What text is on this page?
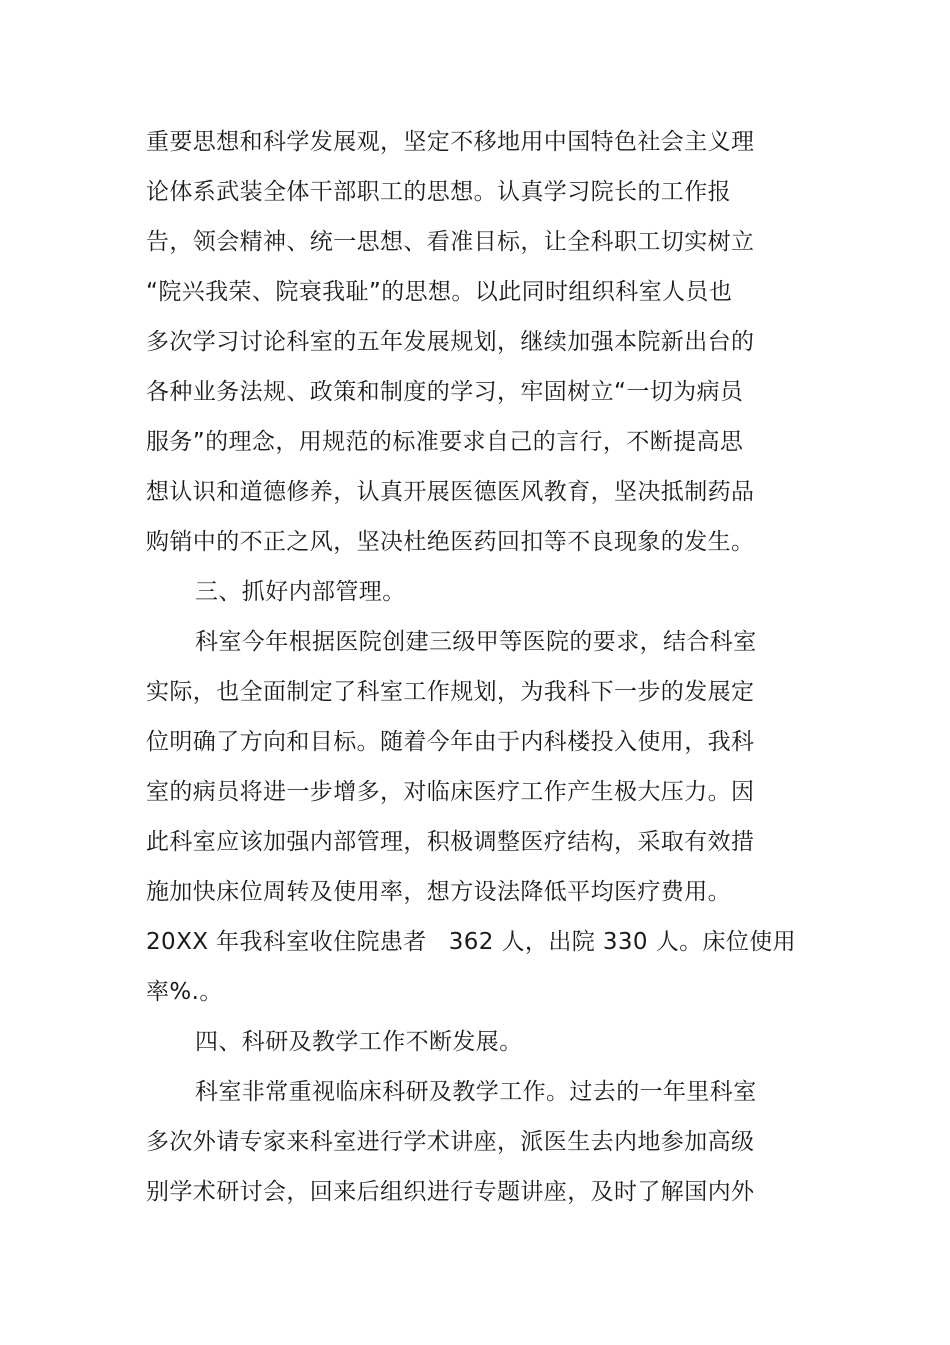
重要思想和科学发展观，坚定不移地用中国特色社会主义理
论体系武装全体干部职工的思想。认真学习院长的工作报
告，领会精神、统一思想、看准目标，让全科职工切实树立
“院兴我荣、院衰我耻”的思想。以此同时组织科室人员也
多次学习讨论科室的五年发展规划，继续加强本院新出台的
各种业务法规、政策和制度的学习，牢固树立“一切为病员
服务”的理念，用规范的标准要求自己的言行，不断提高思
想认识和道德修养，认真开展医德医风教育，坚决抵制药品
购销中的不正之风，坚决杜绝医药回扣等不良现象的发生。
三、抓好内部管理。
科室今年根据医院创建三级甲等医院的要求，结合科室
实际，也全面制定了科室工作规划，为我科下一步的发展定
位明确了方向和目标。随着今年由于内科楼投入使用，我科
室的病员将进一步增多，对临床医疗工作产生极大压力。因
此科室应该加强内部管理，积极调整医疗结构，采取有效措
施加快床位周转及使用率，想方设法降低平均医疗费用。
20XX 年我科室收住院患者 362 人，出院 330 人。床位使用
率%.。
四、科研及教学工作不断发展。
科室非常重视临床科研及教学工作。过去的一年里科室
多次外请专家来科室进行学术讲座，派医生去内地参加高级
别学术研讨会，回来后组织进行专题讲座，及时了解国内外
